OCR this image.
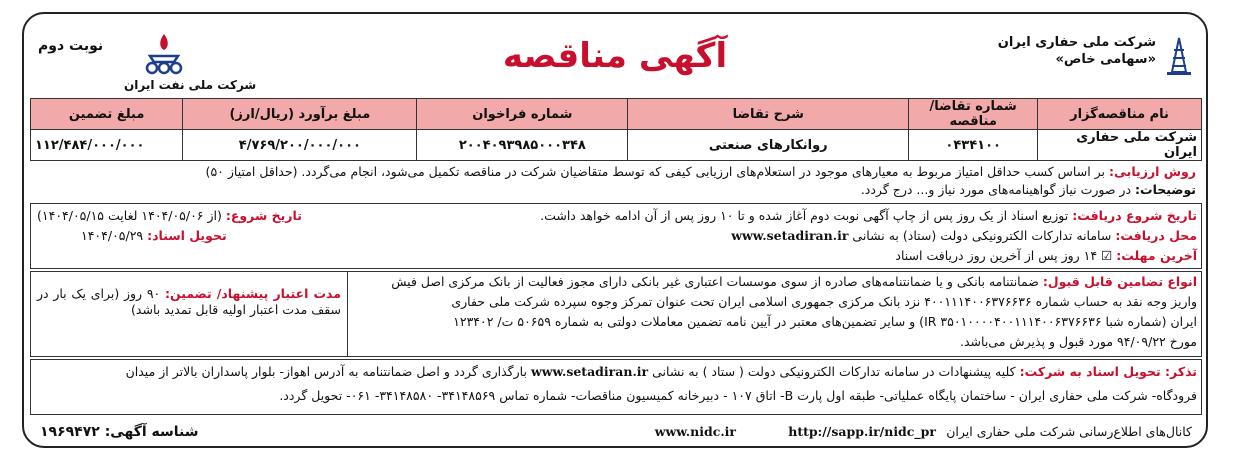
شرکت ملی حفاری ایران
«سهامی خاص»
آگهی مناقصه
نوبت دوم
شرکت ملی نفت ایران
نام مناقصه‌گزار	شماره تقاضا/ مناقصه	شرح تقاضا	شماره فراخوان	مبلغ برآورد (ریال/ارز)	مبلغ تضمین
شرکت ملی حفاری ایران	۰۴۳۴۱۰۰	روانکارهای صنعتی	۲۰۰۴۰۹۳۹۸۵۰۰۰۳۴۸	۴/۷۶۹/۲۰۰/۰۰۰/۰۰۰	۱۱۲/۴۸۴/۰۰۰/۰۰۰
روش ارزیابی: بر اساس کسب حداقل امتیاز مربوط به معیارهای موجود در استعلام‌های ارزیابی کیفی که توسط متقاضیان شرکت در مناقصه تکمیل می‌شود، انجام می‌گردد. (حداقل امتیاز ۵۰)
توضیحات: در صورت نیاز گواهینامه‌های مورد نیاز و... درج گردد.
تاریخ شروع دریافت: توزیع اسناد از یک روز پس از چاپ آگهی نوبت دوم آغاز شده و تا ۱۰ روز پس از آن ادامه خواهد داشت.
تاریخ شروع: (از ۱۴۰۴/۰۵/۰۶ لغایت ۱۴۰۴/۰۵/۱۵)
محل دریافت: سامانه تدارکات الکترونیکی دولت (ستاد) به نشانی www.setadiran.ir
تحویل اسناد: ۱۴۰۴/۰۵/۲۹
آخرین مهلت: ☑ ۱۴ روز پس از آخرین روز دریافت اسناد
مدت اعتبار پیشنهاد/ تضمین: ۹۰ روز (برای یک بار در سقف مدت اعتبار اولیه قابل تمدید باشد)
انواع تضامین قابل قبول: ضمانتنامه بانکی و یا ضمانتنامه‌های صادره از سوی موسسات اعتباری غیر بانکی دارای مجوز فعالیت از بانک مرکزی اصل فیش
واریز وجه نقد به حساب شماره ۴۰۰۱۱۱۴۰۰۶۳۷۶۶۳۶ نزد بانک مرکزی جمهوری اسلامی ایران تحت عنوان تمرکز وجوه سپرده شرکت ملی حفاری
ایران (شماره شبا IR ۳۵۰۱۰۰۰۰۴۰۰۱۱۱۴۰۰۶۳۷۶۶۳۶) و سایر تضمین‌های معتبر در آیین نامه تضمین معاملات دولتی به شماره ۵۰۶۵۹ ت/ ۱۲۳۴۰۲
مورخ ۹۴/۰۹/۲۲ مورد قبول و پذیرش می‌باشد.
تذکر: تحویل اسناد به شرکت: کلیه پیشنهادات در سامانه تدارکات الکترونیکی دولت ( ستاد ) به نشانی www.setadiran.ir بارگذاری گردد و اصل ضمانتنامه به آدرس اهواز- بلوار پاسداران بالاتر از میدان
فرودگاه- شرکت ملی حفاری ایران - ساختمان پایگاه عملیاتی- طبقه اول پارت B- اتاق ۱۰۷ - دبیرخانه کمیسیون مناقصات- شماره تماس ۳۴۱۴۸۵۶۹- ۳۴۱۴۸۵۸۰- ۰۶۱- تحویل گردد.
کانال‌های اطلاع‌رسانی شرکت ملی حفاری ایران
http://sapp.ir/nidc_pr
www.nidc.ir
شناسه آگهی: ۱۹۶۹۴۷۲
